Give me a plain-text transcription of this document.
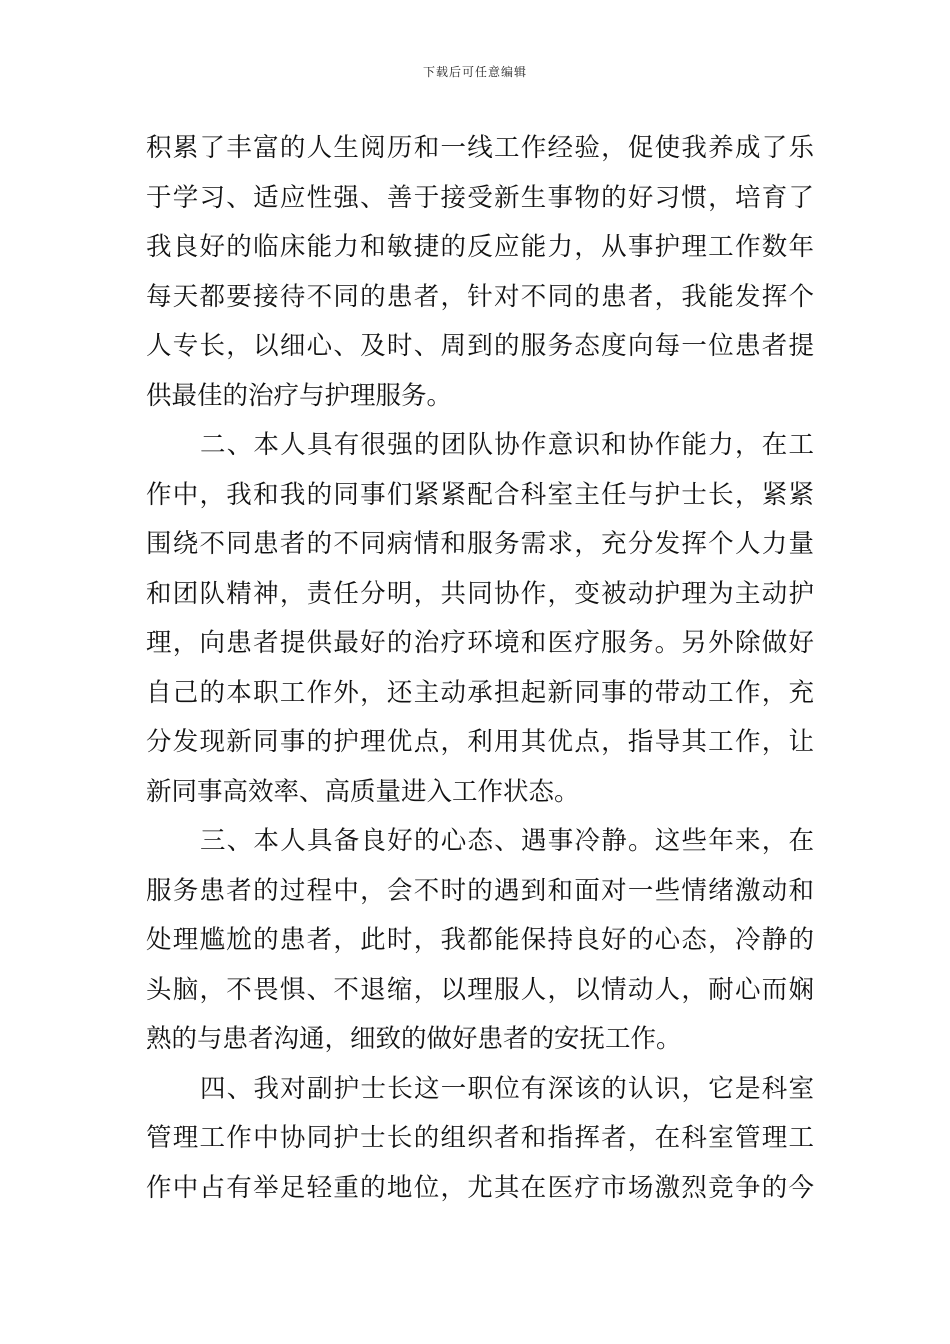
下载后可任意编辑
积累了丰富的人生阅历和一线工作经验，促使我养成了乐
于学习、适应性强、善于接受新生事物的好习惯，培育了
我良好的临床能力和敏捷的反应能力，从事护理工作数年
每天都要接待不同的患者，针对不同的患者，我能发挥个
人专长，以细心、及时、周到的服务态度向每一位患者提
供最佳的治疗与护理服务。
二、本人具有很强的团队协作意识和协作能力，在工
作中，我和我的同事们紧紧配合科室主任与护士长，紧紧
围绕不同患者的不同病情和服务需求，充分发挥个人力量
和团队精神，责任分明，共同协作，变被动护理为主动护
理，向患者提供最好的治疗环境和医疗服务。另外除做好
自己的本职工作外，还主动承担起新同事的带动工作，充
分发现新同事的护理优点，利用其优点，指导其工作，让
新同事高效率、高质量进入工作状态。
三、本人具备良好的心态、遇事冷静。这些年来，在
服务患者的过程中，会不时的遇到和面对一些情绪激动和
处理尴尬的患者，此时，我都能保持良好的心态，冷静的
头脑，不畏惧、不退缩，以理服人，以情动人，耐心而娴
熟的与患者沟通，细致的做好患者的安抚工作。
四、我对副护士长这一职位有深该的认识，它是科室
管理工作中协同护士长的组织者和指挥者，在科室管理工
作中占有举足轻重的地位，尤其在医疗市场激烈竞争的今
